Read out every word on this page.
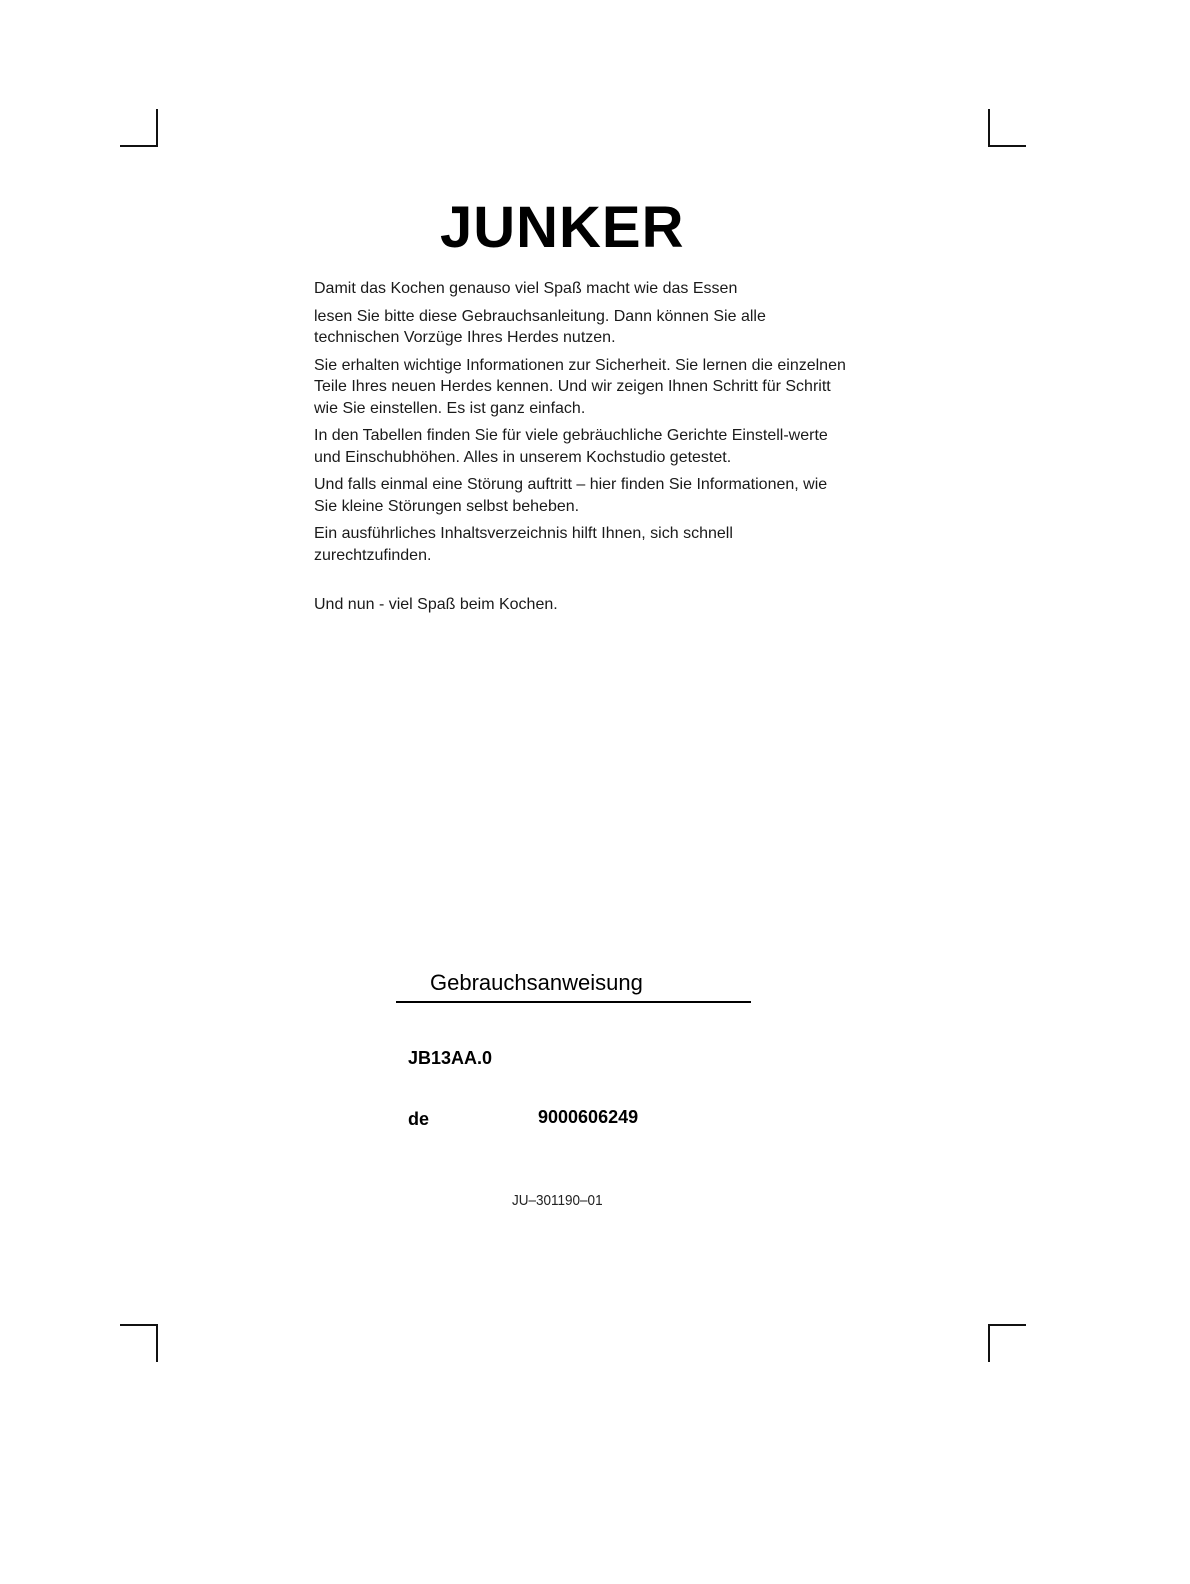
JUNKER

Damit das Kochen genauso viel Spaß macht wie das Essen

lesen Sie bitte diese Gebrauchsanleitung. Dann können Sie alle technischen Vorzüge Ihres Herdes nutzen.

Sie erhalten wichtige Informationen zur Sicherheit. Sie lernen die einzelnen Teile Ihres neuen Herdes kennen. Und wir zeigen Ihnen Schritt für Schritt wie Sie einstellen. Es ist ganz einfach.

In den Tabellen finden Sie für viele gebräuchliche Gerichte Einstell-werte und Einschubhöhen. Alles in unserem Kochstudio getestet.

Und falls einmal eine Störung auftritt – hier finden Sie Informationen, wie Sie kleine Störungen selbst beheben.

Ein ausführliches Inhaltsverzeichnis hilft Ihnen, sich schnell zurechtzufinden.

Und nun - viel Spaß beim Kochen.

Gebrauchsanweisung
JB13AA.0
de	9000606249
JU–301190–01
